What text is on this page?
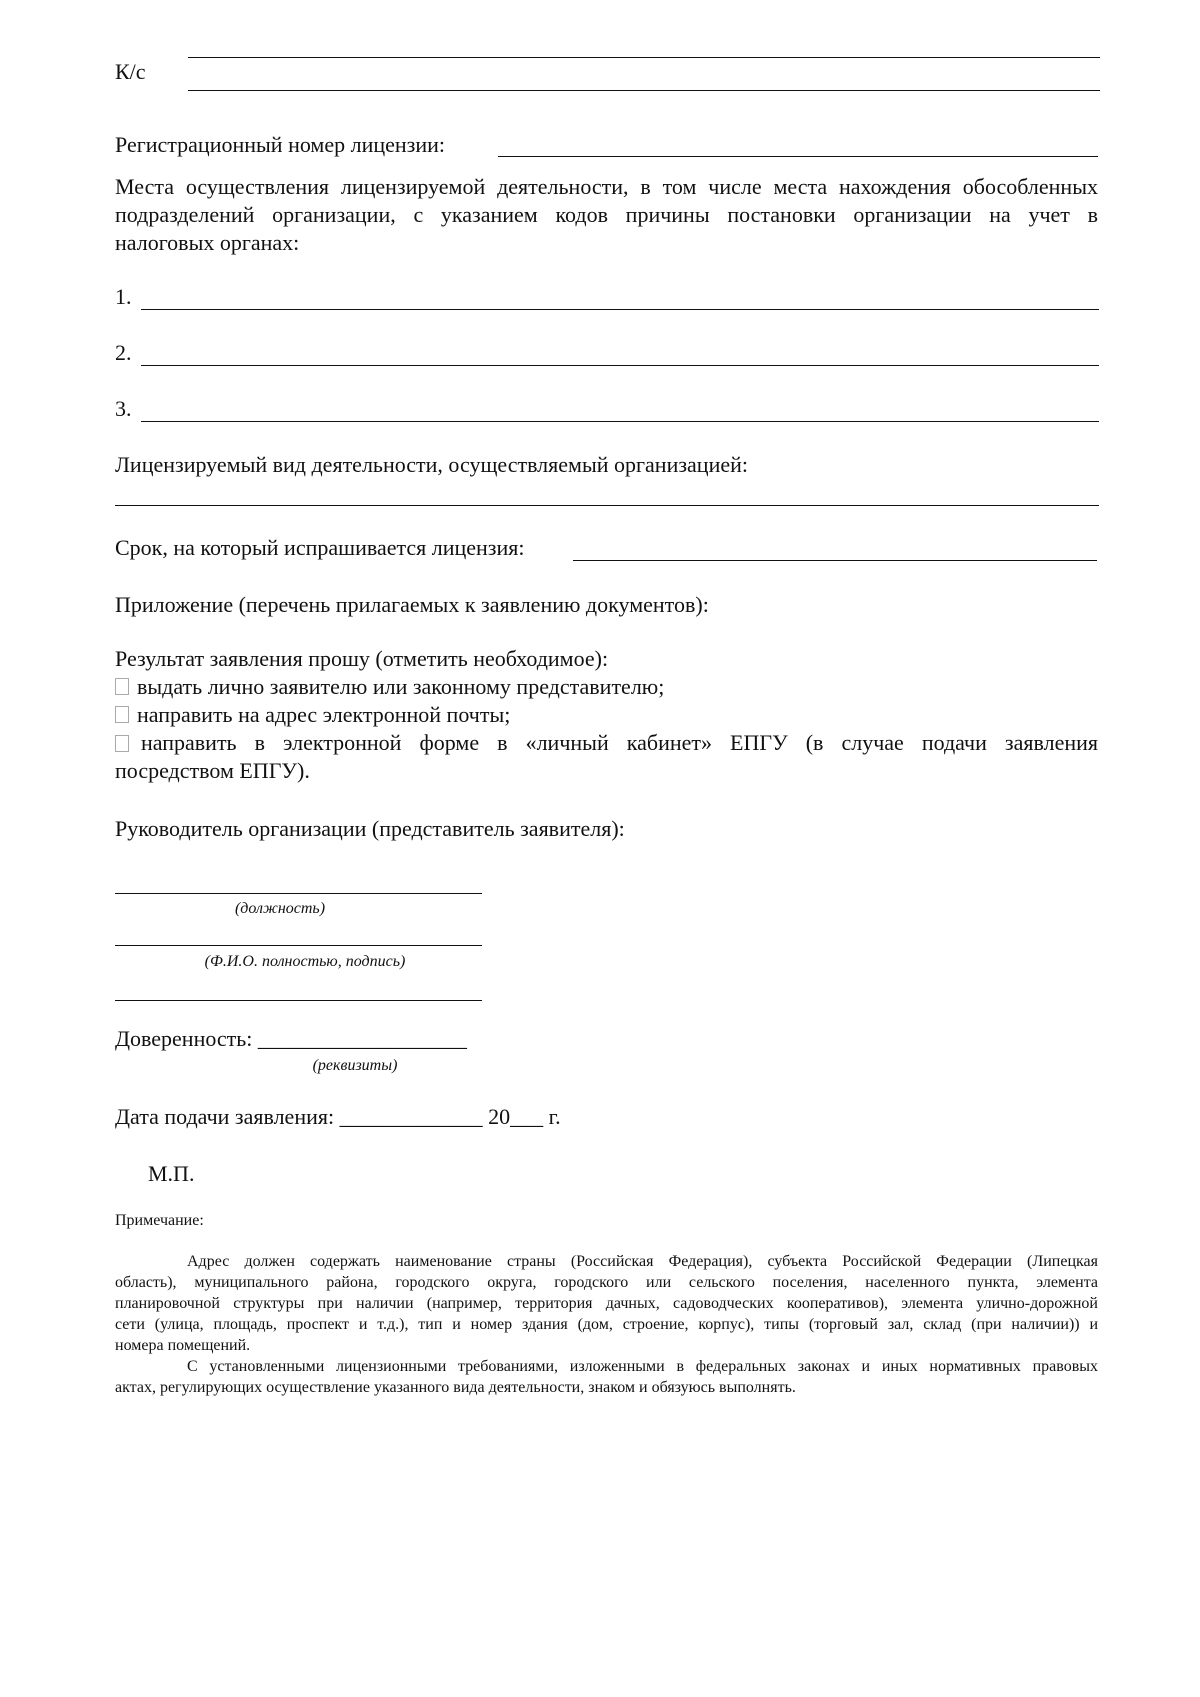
К/с
Регистрационный номер лицензии:
Места осуществления лицензируемой деятельности, в том числе места нахождения обособленных
подразделений организации, с указанием кодов причины постановки организации на учет в
налоговых органах:
1.
2.
3.
Лицензируемый вид деятельности, осуществляемый организацией:
Срок, на который испрашивается лицензия:
Приложение (перечень прилагаемых к заявлению документов):
Результат заявления прошу (отметить необходимое):
выдать лично заявителю или законному представителю;
направить на адрес электронной почты;
направить в электронной форме в «личный кабинет» ЕПГУ (в случае подачи заявления
посредством ЕПГУ).
Руководитель организации (представитель заявителя):
(должность)
(Ф.И.О. полностью, подпись)
Доверенность: ___________________
(реквизиты)
Дата подачи заявления: _____________ 20___ г.
М.П.
Примечание:
Адрес должен содержать наименование страны (Российская Федерация), субъекта Российской Федерации (Липецкая
область), муниципального района, городского округа, городского или сельского поселения, населенного пункта, элемента
планировочной структуры при наличии (например, территория дачных, садоводческих кооперативов), элемента улично-дорожной
сети (улица, площадь, проспект и т.д.), тип и номер здания (дом, строение, корпус), типы (торговый зал, склад (при наличии)) и
номера помещений.
С установленными лицензионными требованиями, изложенными в федеральных законах и иных нормативных правовых
актах, регулирующих осуществление указанного вида деятельности, знаком и обязуюсь выполнять.
